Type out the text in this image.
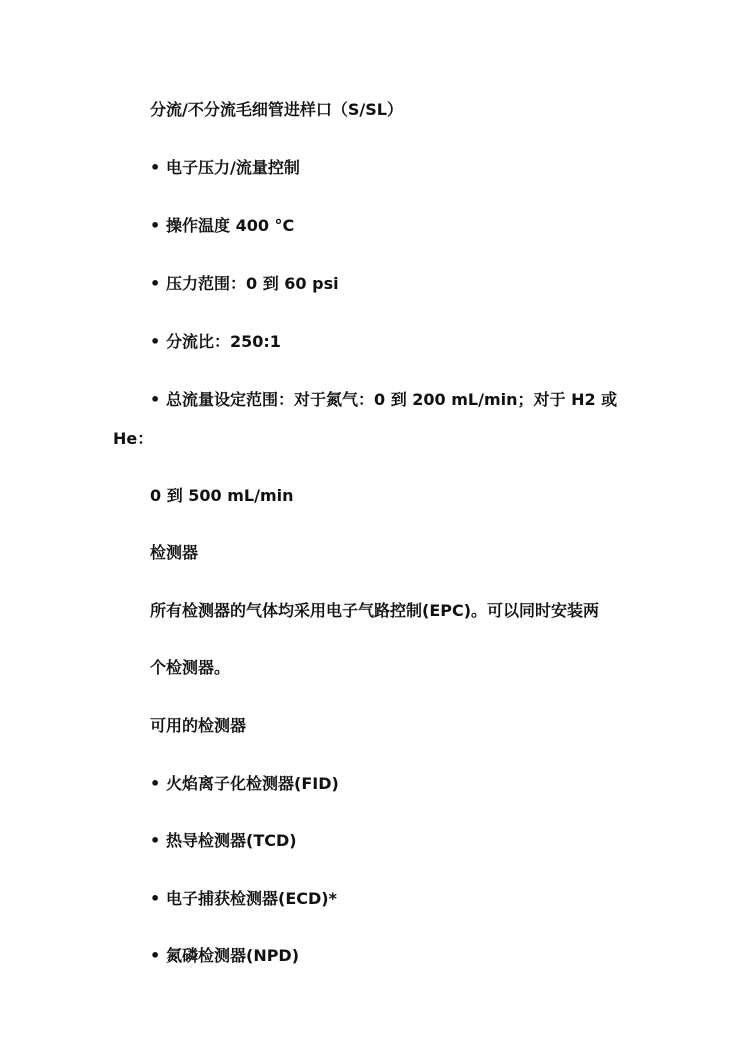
分流/不分流毛细管进样口（S/SL）
• 电子压力/流量控制
• 操作温度 400 °C
• 压力范围：0 到 60 psi
• 分流比：250:1
• 总流量设定范围：对于氮气：0 到 200 mL/min；对于 H2 或
He：
0 到 500 mL/min
检测器
所有检测器的气体均采用电子气路控制(EPC)。可以同时安装两
个检测器。
可用的检测器
• 火焰离子化检测器(FID)
• 热导检测器(TCD)
• 电子捕获检测器(ECD)*
• 氮磷检测器(NPD)
